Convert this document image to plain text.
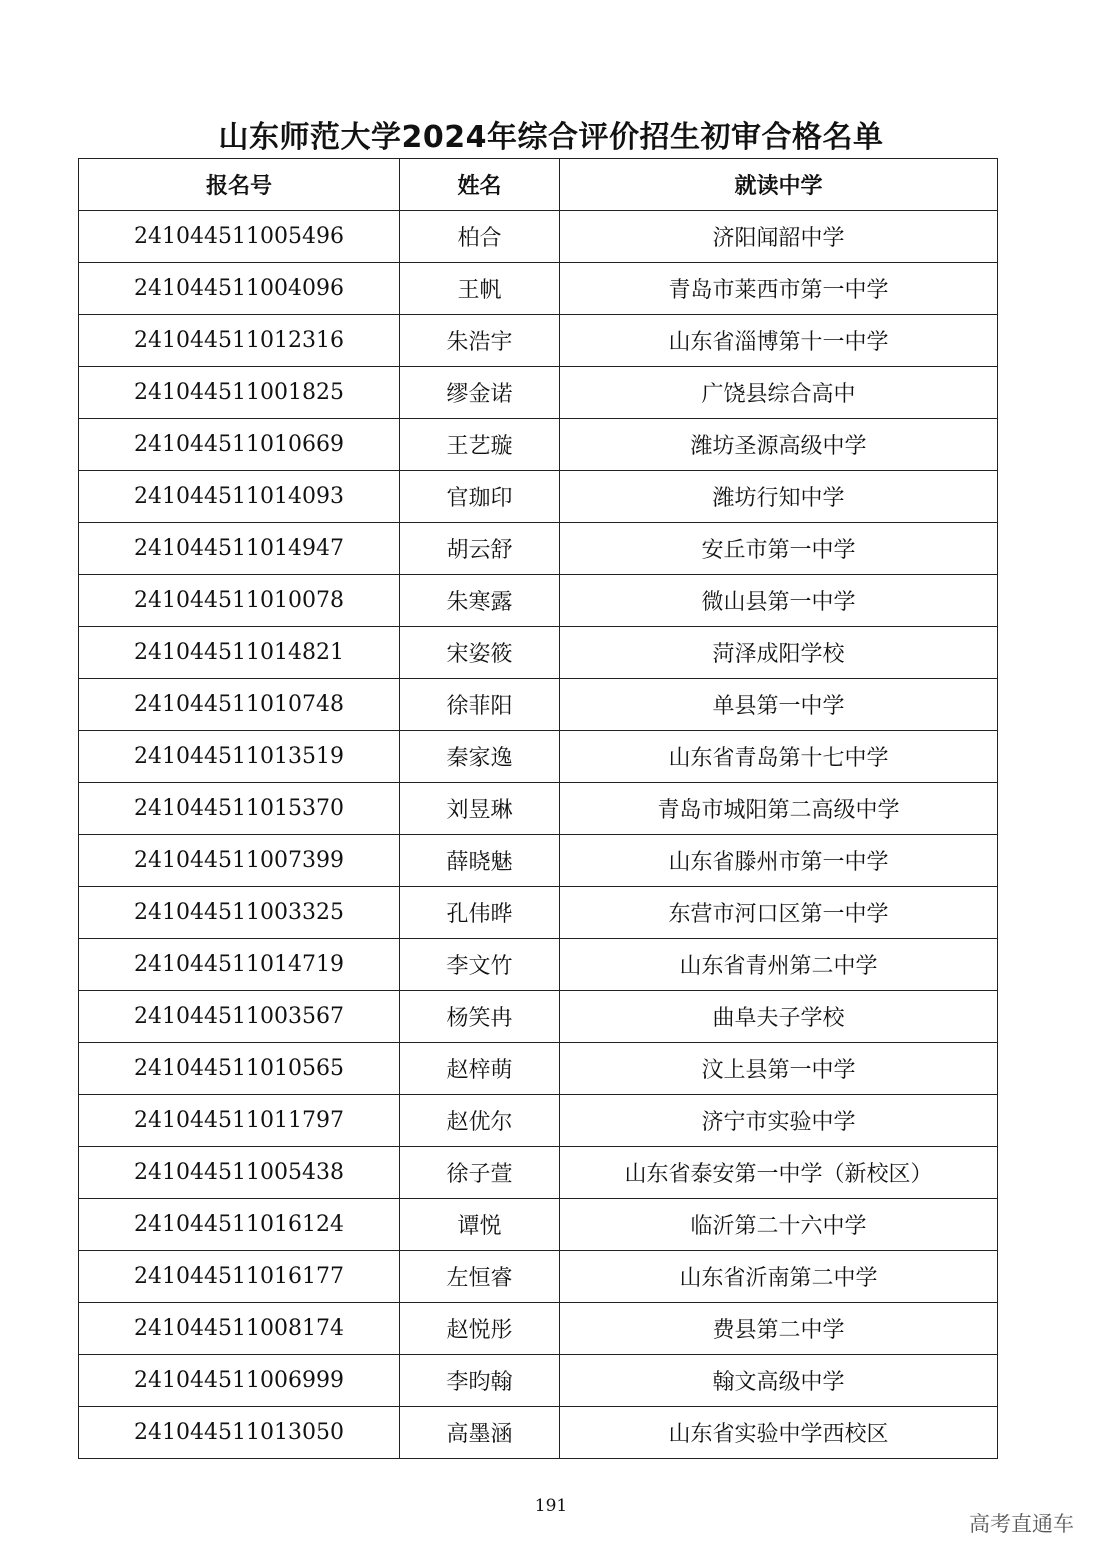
山东师范大学2024年综合评价招生初审合格名单
报名号	姓名	就读中学
241044511005496	柏合	济阳闻韶中学
241044511004096	王帆	青岛市莱西市第一中学
241044511012316	朱浩宇	山东省淄博第十一中学
241044511001825	缪金诺	广饶县综合高中
241044511010669	王艺璇	潍坊圣源高级中学
241044511014093	官珈印	潍坊行知中学
241044511014947	胡云舒	安丘市第一中学
241044511010078	朱寒露	微山县第一中学
241044511014821	宋姿筱	菏泽成阳学校
241044511010748	徐菲阳	单县第一中学
241044511013519	秦家逸	山东省青岛第十七中学
241044511015370	刘昱琳	青岛市城阳第二高级中学
241044511007399	薛晓魅	山东省滕州市第一中学
241044511003325	孔伟晔	东营市河口区第一中学
241044511014719	李文竹	山东省青州第二中学
241044511003567	杨笑冉	曲阜夫子学校
241044511010565	赵梓萌	汶上县第一中学
241044511011797	赵优尔	济宁市实验中学
241044511005438	徐子萱	山东省泰安第一中学（新校区）
241044511016124	谭悦	临沂第二十六中学
241044511016177	左恒睿	山东省沂南第二中学
241044511008174	赵悦彤	费县第二中学
241044511006999	李昀翰	翰文高级中学
241044511013050	高墨涵	山东省实验中学西校区
191
高考直通车
